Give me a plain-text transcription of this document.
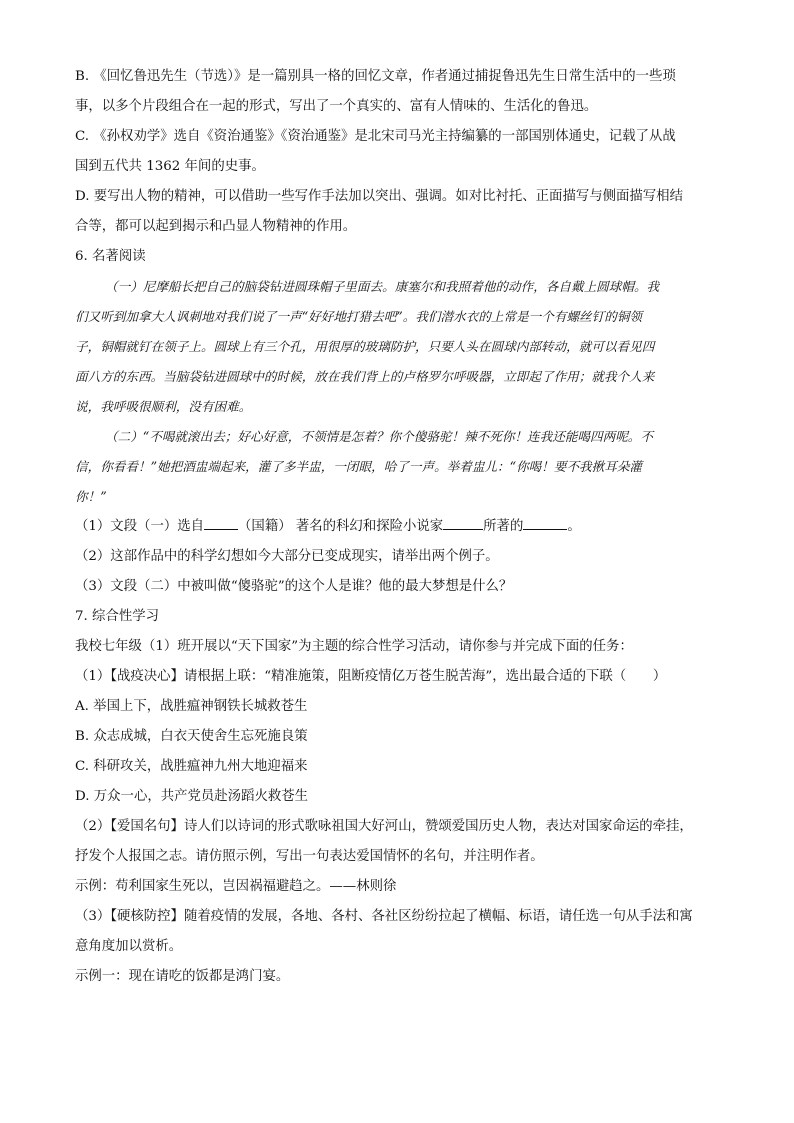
B. 《回忆鲁迅先生（节选）》是一篇别具一格的回忆文章，作者通过捕捉鲁迅先生日常生活中的一些琐

事，以多个片段组合在一起的形式，写出了一个真实的、富有人情味的、生活化的鲁迅。

C. 《孙权劝学》选自《资治通鉴》《资治通鉴》是北宋司马光主持编纂的一部国别体通史，记载了从战

国到五代共 1362 年间的史事。

D. 要写出人物的精神，可以借助一些写作手法加以突出、强调。如对比衬托、正面描写与侧面描写相结

合等，都可以起到揭示和凸显人物精神的作用。

6. 名著阅读

（一）尼摩船长把自己的脑袋钻进圆珠帽子里面去。康塞尔和我照着他的动作，各自戴上圆球帽。我

们又听到加拿大人讽刺地对我们说了一声“好好地打猎去吧”。我们潜水衣的上常是一个有螺丝钉的铜领

子，铜帽就钉在领子上。圆球上有三个孔，用很厚的玻璃防护，只要人头在圆球内部转动，就可以看见四

面八方的东西。当脑袋钻进圆球中的时候，放在我们背上的卢格罗尔呼吸器，立即起了作用；就我个人来

说，我呼吸很顺利，没有困难。

（二）“不喝就滚出去；好心好意，不领情是怎着？你个傻骆驼！辣不死你！连我还能喝四两呢。不

信，你看看！”她把酒盅端起来，灌了多半盅，一闭眼，哈了一声。举着盅儿：“你喝！要不我揪耳朵灌

你！”

（1）文段（一）选自	（国籍） 著名的科幻和探险小说家	所著的	。

（2）这部作品中的科学幻想如今大部分已变成现实，请举出两个例子。

（3）文段（二）中被叫做“傻骆驼”的这个人是谁？他的最大梦想是什么？

7. 综合性学习

我校七年级（1）班开展以“天下国家”为主题的综合性学习活动，请你参与并完成下面的任务：

（1）【战疫决心】请根据上联：“精准施策，阻断疫情亿万苍生脱苦海”，选出最合适的下联（　　）

A. 举国上下，战胜瘟神钢铁长城救苍生

B. 众志成城，白衣天使舍生忘死施良策

C. 科研攻关，战胜瘟神九州大地迎福来

D. 万众一心，共产党员赴汤蹈火救苍生

（2）【爱国名句】诗人们以诗词的形式歌咏祖国大好河山，赞颂爱国历史人物，表达对国家命运的牵挂，

抒发个人报国之志。请仿照示例，写出一句表达爱国情怀的名句，并注明作者。

示例：苟利国家生死以，岂因祸福避趋之。——林则徐

（3）【硬核防控】随着疫情的发展，各地、各村、各社区纷纷拉起了横幅、标语，请任选一句从手法和寓

意角度加以赏析。

示例一：现在请吃的饭都是鸿门宴。
